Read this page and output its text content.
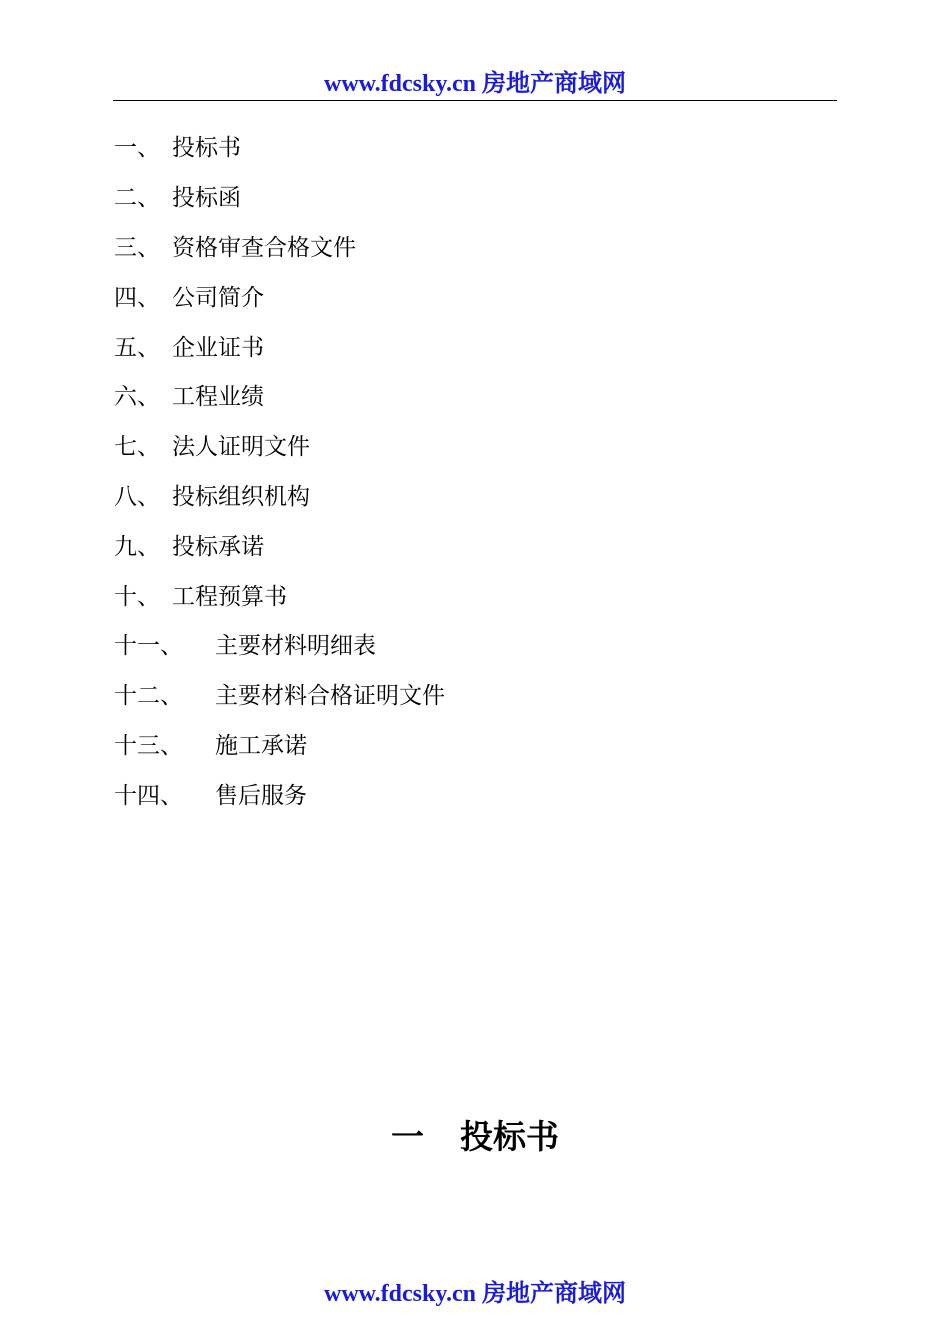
www.fdcsky.cn 房地产商域网
一、 投标书
二、 投标函
三、 资格审查合格文件
四、 公司简介
五、 企业证书
六、 工程业绩
七、 法人证明文件
八、 投标组织机构
九、 投标承诺
十、 工程预算书
十一、	主要材料明细表
十二、	主要材料合格证明文件
十三、	施工承诺
十四、	售后服务
一 投标书
www.fdcsky.cn 房地产商域网
